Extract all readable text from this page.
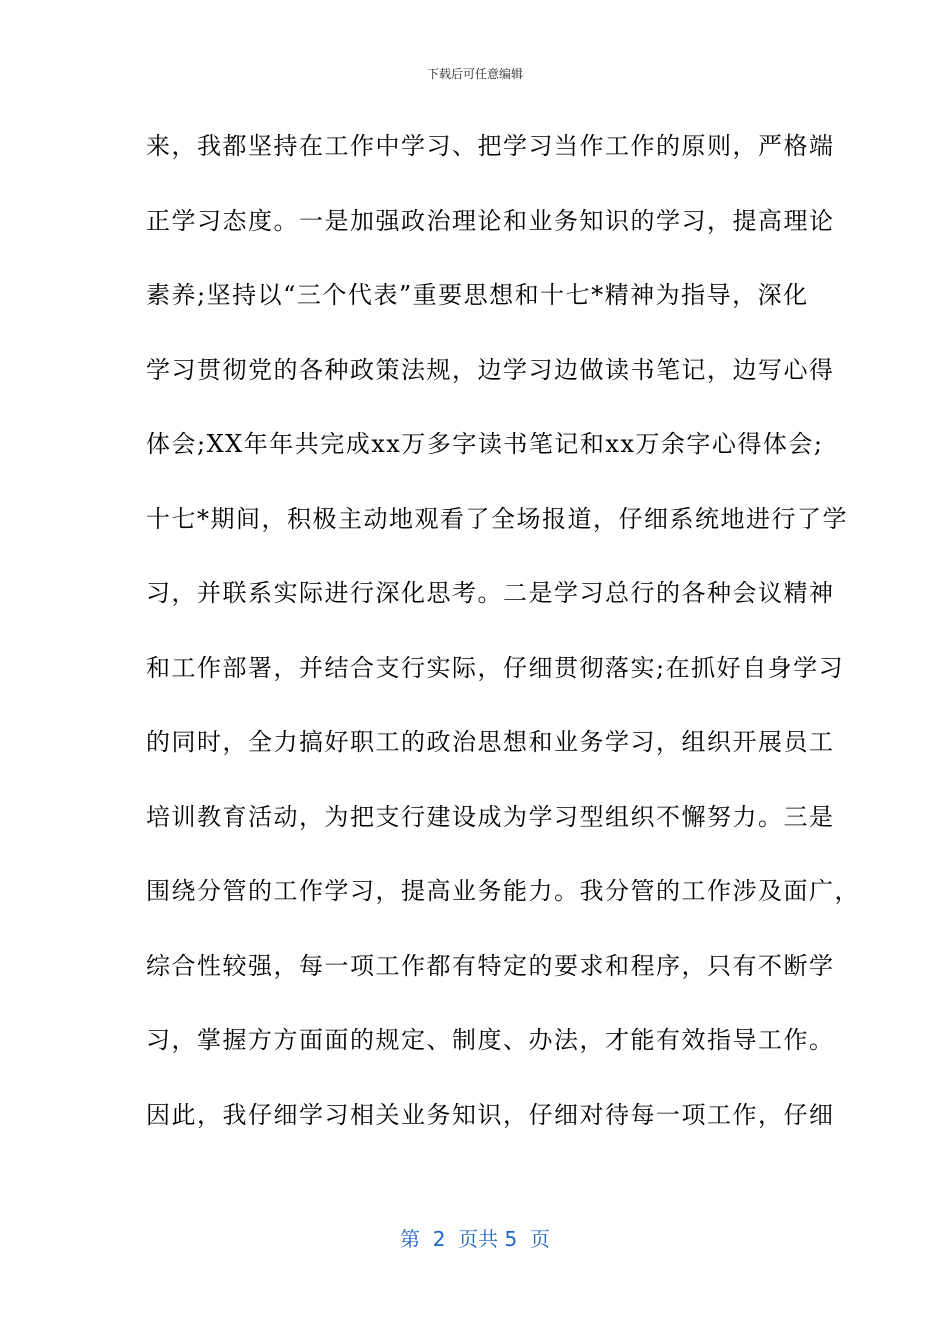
下载后可任意编辑
来，我都坚持在工作中学习、把学习当作工作的原则，严格端
正学习态度。一是加强政治理论和业务知识的学习，提高理论
素养;坚持以“三个代表”重要思想和十七*精神为指导，深化
学习贯彻党的各种政策法规，边学习边做读书笔记，边写心得
体会;XX年年共完成xx万多字读书笔记和xx万余字心得体会;
十七*期间，积极主动地观看了全场报道，仔细系统地进行了学
习，并联系实际进行深化思考。二是学习总行的各种会议精神
和工作部署，并结合支行实际，仔细贯彻落实;在抓好自身学习
的同时，全力搞好职工的政治思想和业务学习，组织开展员工
培训教育活动，为把支行建设成为学习型组织不懈努力。三是
围绕分管的工作学习，提高业务能力。我分管的工作涉及面广，
综合性较强，每一项工作都有特定的要求和程序，只有不断学
习，掌握方方面面的规定、制度、办法，才能有效指导工作。
因此，我仔细学习相关业务知识，仔细对待每一项工作，仔细
第  2  页共 5  页
